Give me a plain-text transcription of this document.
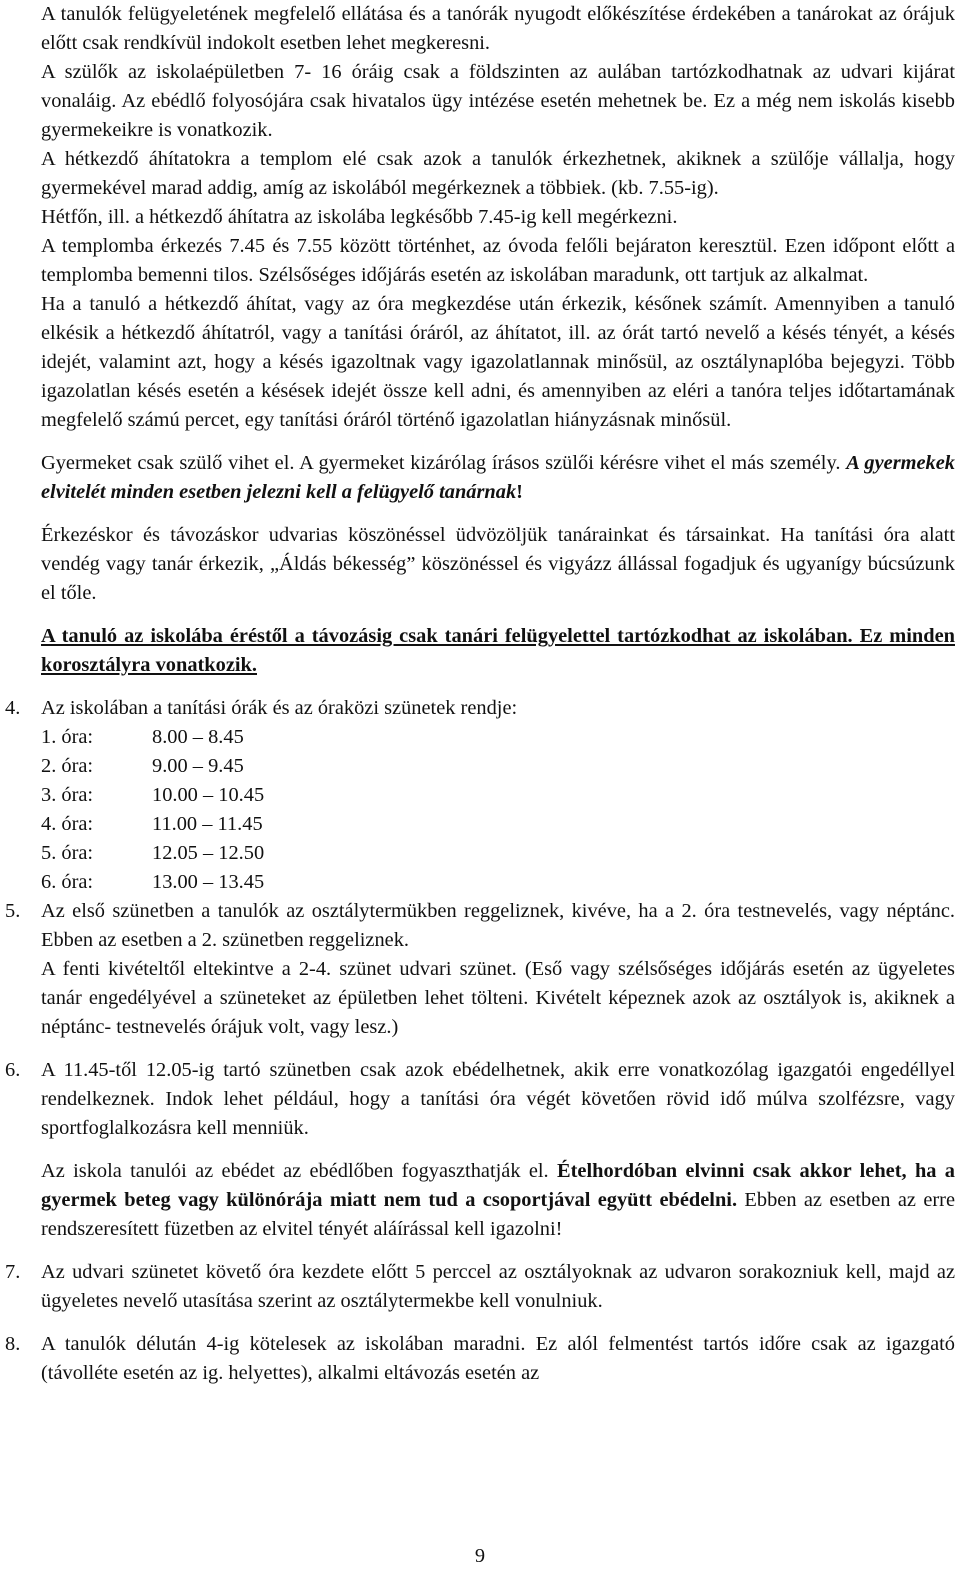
A tanulók felügyeletének megfelelő ellátása és a tanórák nyugodt előkészítése érdekében a tanárokat az órájuk előtt csak rendkívül indokolt esetben lehet megkeresni.

A szülők az iskolaépületben 7- 16 óráig csak a földszinten az aulában tartózkodhatnak az udvari kijárat vonaláig. Az ebédlő folyosójára csak hivatalos ügy intézése esetén mehetnek be. Ez a még nem iskolás kisebb gyermekeikre is vonatkozik.

A hétkezdő áhítatokra a templom elé csak azok a tanulók érkezhetnek, akiknek a szülője vállalja, hogy gyermekével marad addig, amíg az iskolából megérkeznek a többiek. (kb. 7.55-ig).

Hétfőn, ill. a hétkezdő áhítatra az iskolába legkésőbb 7.45-ig kell megérkezni.

A templomba érkezés 7.45 és 7.55 között történhet, az óvoda felőli bejáraton keresztül. Ezen időpont előtt a templomba bemenni tilos. Szélsőséges időjárás esetén az iskolában maradunk, ott tartjuk az alkalmat.

Ha a tanuló a hétkezdő áhítat, vagy az óra megkezdése után érkezik, későnek számít. Amennyiben a tanuló elkésik a hétkezdő áhítatról, vagy a tanítási óráról, az áhítatot, ill. az órát tartó nevelő a késés tényét, a késés idejét, valamint azt, hogy a késés igazoltnak vagy igazolatlannak minősül, az osztálynaplóba bejegyzi. Több igazolatlan késés esetén a késések idejét össze kell adni, és amennyiben az eléri a tanóra teljes időtartamának megfelelő számú percet, egy tanítási óráról történő igazolatlan hiányzásnak minősül.

Gyermeket csak szülő vihet el. A gyermeket kizárólag írásos szülői kérésre vihet el más személy. A gyermekek elvitelét minden esetben jelezni kell a felügyelő tanárnak!

Érkezéskor és távozáskor udvarias köszönéssel üdvözöljük tanárainkat és társainkat. Ha tanítási óra alatt vendég vagy tanár érkezik, „Áldás békesség” köszönéssel és vigyázz állással fogadjuk és ugyanígy búcsúzunk el tőle.

A tanuló az iskolába éréstől a távozásig csak tanári felügyelettel tartózkodhat az iskolában. Ez minden korosztályra vonatkozik.

4. Az iskolában a tanítási órák és az óraközi szünetek rendje:

1. óra:	8.00 – 8.45
2. óra:	9.00 – 9.45
3. óra:	10.00 – 10.45
4. óra:	11.00 – 11.45
5. óra:	12.05 – 12.50
6. óra:	13.00 – 13.45
5. Az első szünetben a tanulók az osztálytermükben reggeliznek, kivéve, ha a 2. óra testnevelés, vagy néptánc. Ebben az esetben a 2. szünetben reggeliznek.

A fenti kivételtől eltekintve a 2-4. szünet udvari szünet. (Eső vagy szélsőséges időjárás esetén az ügyeletes tanár engedélyével a szüneteket az épületben lehet tölteni. Kivételt képeznek azok az osztályok is, akiknek a néptánc- testnevelés órájuk volt, vagy lesz.)

6. A 11.45-től 12.05-ig tartó szünetben csak azok ebédelhetnek, akik erre vonatkozólag igazgatói engedéllyel rendelkeznek. Indok lehet például, hogy a tanítási óra végét követően rövid idő múlva szolfézsre, vagy sportfoglalkozásra kell menniük.

Az iskola tanulói az ebédet az ebédlőben fogyaszthatják el. Ételhordóban elvinni csak akkor lehet, ha a gyermek beteg vagy különórája miatt nem tud a csoportjával együtt ebédelni. Ebben az esetben az erre rendszeresített füzetben az elvitel tényét aláírással kell igazolni!

7. Az udvari szünetet követő óra kezdete előtt 5 perccel az osztályoknak az udvaron sorakozniuk kell, majd az ügyeletes nevelő utasítása szerint az osztálytermekbe kell vonulniuk.

8. A tanulók délután 4-ig kötelesek az iskolában maradni. Ez alól felmentést tartós időre csak az igazgató (távolléte esetén az ig. helyettes), alkalmi eltávozás esetén az

9
